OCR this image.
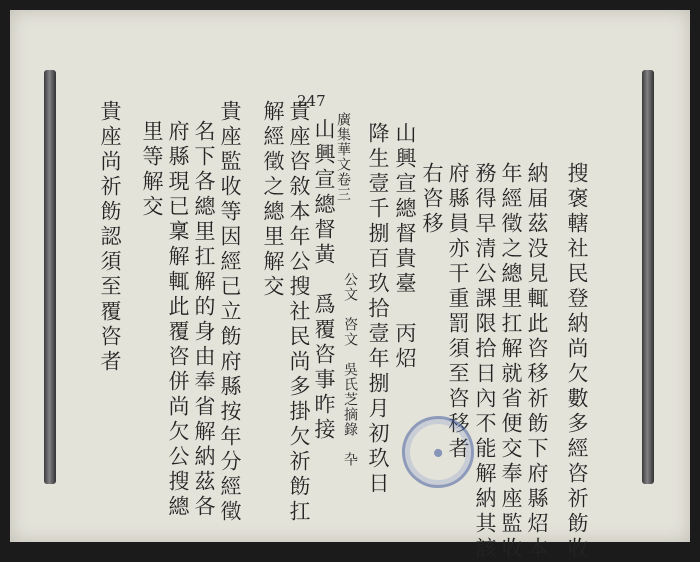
搜褒轄社民登納尚欠數多經咨祈飭收
納届茲没見輒此咨移祈飭下府縣炤本
年經徵之總里扛解就省便交奉座監收
務得早清公課限拾日內不能解納其該
府縣員亦干重罰須至咨移者
右咨移
山興宣總督貴臺　丙炤
降生壹千捌百玖拾壹年捌月初玖日
公文　咨文　吳氏芝摘錄　卆
廣集華文卷三
山興宣總督黃　爲覆咨事昨接
貴座咨敘本年公搜社民尚多掛欠祈飭扛
解經徵之總里解交
貴座監收等因經已立飭府縣按年分經徵
名下各總里扛解的身由奉省解納茲各
府縣現已稟解輒此覆咨併尚欠公搜總
里等解交
貴座尚祈飭認須至覆咨者	247
⬤
